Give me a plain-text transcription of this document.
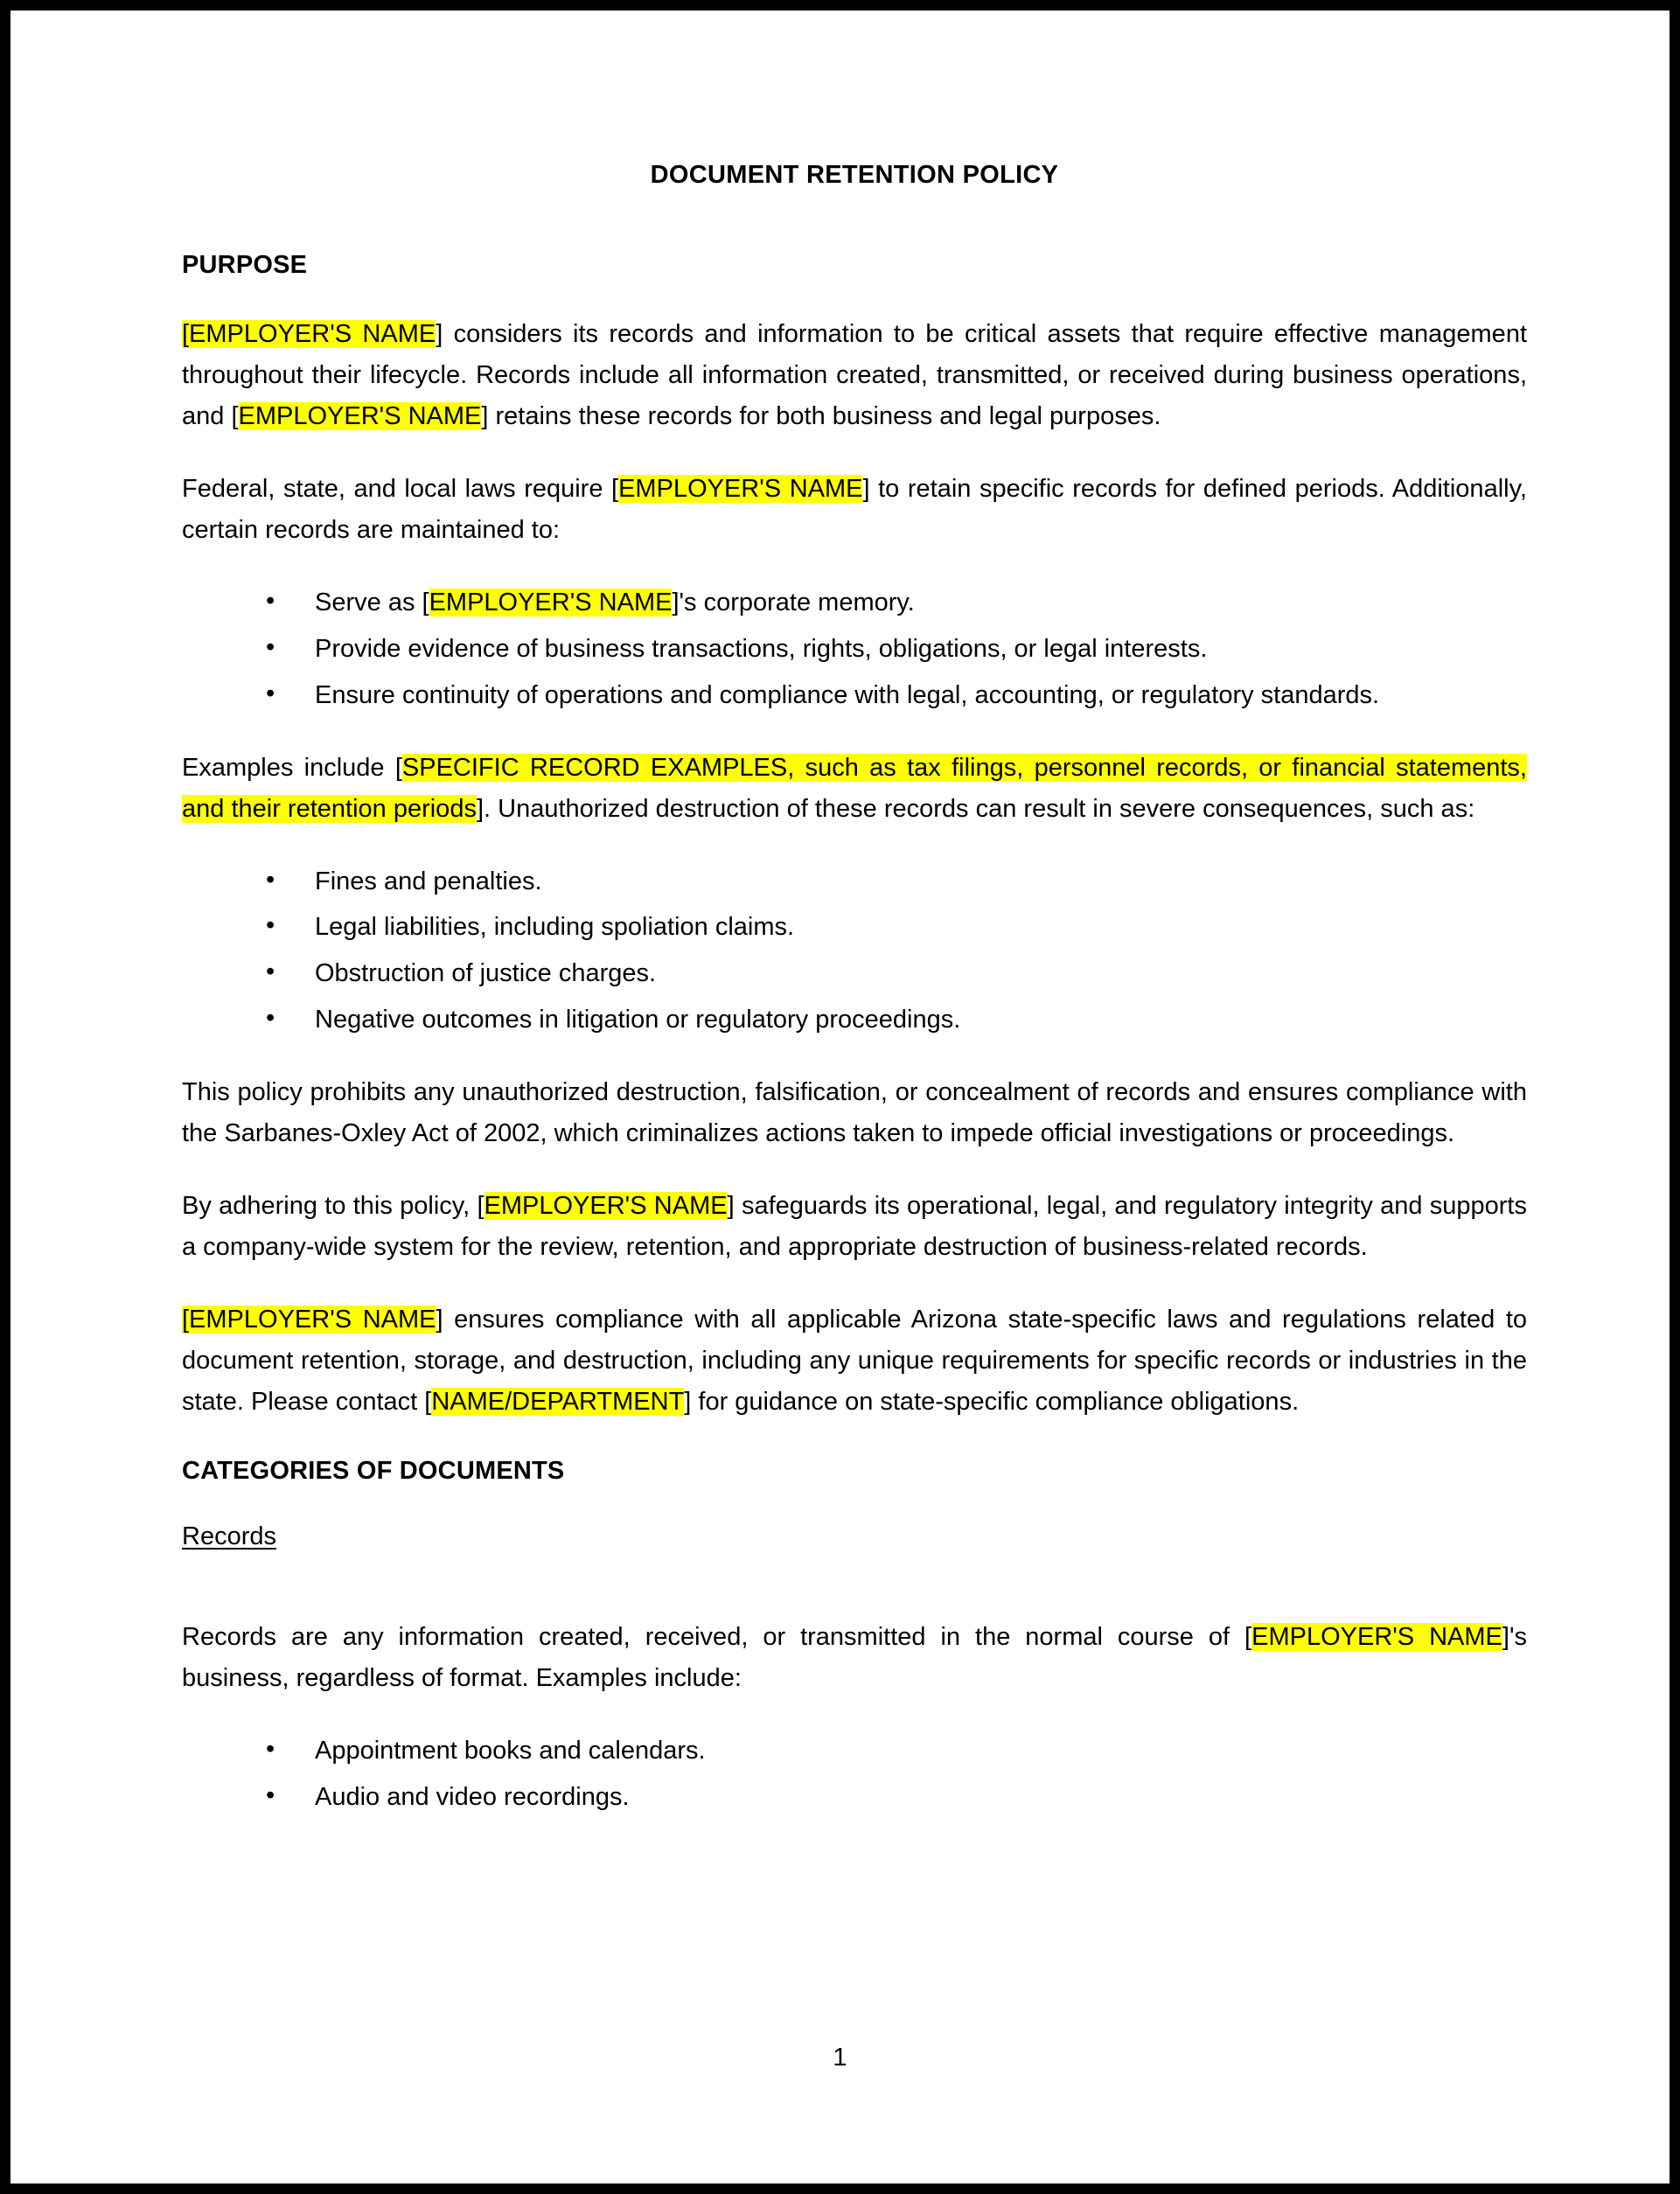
DOCUMENT RETENTION POLICY
PURPOSE

[EMPLOYER'S NAME] considers its records and information to be critical assets that require effective management throughout their lifecycle. Records include all information created, transmitted, or received during business operations, and [EMPLOYER'S NAME] retains these records for both business and legal purposes.

Federal, state, and local laws require [EMPLOYER'S NAME] to retain specific records for defined periods. Additionally, certain records are maintained to:

• Serve as [EMPLOYER'S NAME]'s corporate memory.
• Provide evidence of business transactions, rights, obligations, or legal interests.
• Ensure continuity of operations and compliance with legal, accounting, or regulatory standards.

Examples include [SPECIFIC RECORD EXAMPLES, such as tax filings, personnel records, or financial statements, and their retention periods]. Unauthorized destruction of these records can result in severe consequences, such as:

• Fines and penalties.
• Legal liabilities, including spoliation claims.
• Obstruction of justice charges.
• Negative outcomes in litigation or regulatory proceedings.

This policy prohibits any unauthorized destruction, falsification, or concealment of records and ensures compliance with the Sarbanes-Oxley Act of 2002, which criminalizes actions taken to impede official investigations or proceedings.

By adhering to this policy, [EMPLOYER'S NAME] safeguards its operational, legal, and regulatory integrity and supports a company-wide system for the review, retention, and appropriate destruction of business-related records.

[EMPLOYER'S NAME] ensures compliance with all applicable Arizona state-specific laws and regulations related to document retention, storage, and destruction, including any unique requirements for specific records or industries in the state. Please contact [NAME/DEPARTMENT] for guidance on state-specific compliance obligations.

CATEGORIES OF DOCUMENTS
Records

Records are any information created, received, or transmitted in the normal course of [EMPLOYER'S NAME]'s business, regardless of format. Examples include:

• Appointment books and calendars.
• Audio and video recordings.
1
